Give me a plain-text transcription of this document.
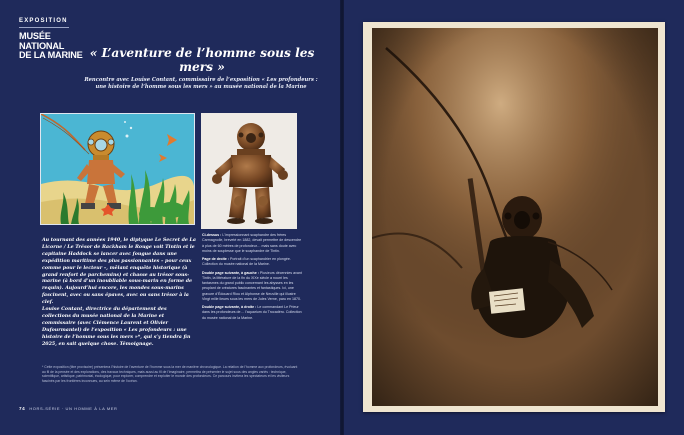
EXPOSITION
MUSÉE
NATIONAL
DE LA MARINE « L’aventure de l’homme sous les mers »
Rencontre avec Louise Contant, commissaire de l’exposition « Les profondeurs : une histoire de l’homme sous les mers » au musée national de la Marine

Au tournant des années 1940, le diptyque Le Secret de La Licorne / Le Trésor de Rackham le Rouge voit Tintin et le capitaine Haddock se lancer avec fougue dans une expédition maritime des plus passionnantes – pour ceux comme pour le lecteur –, mêlant enquête historique (à grand renfort de parchemins) et chasse au trésor sous-marine (à bord d’un inoubliable sous-marin en forme de requin). Aujourd’hui encore, les mondes sous-marins fascinent, avec ou sans épaves, avec ou sans trésor à la clef.

Louise Contant, directrice du département des collections du musée national de la Marine et commissaire (avec Clémence Laurent et Olivier Dufourmantel) de l’exposition « Les profondeurs : une histoire de l’homme sous les mers »*, qui s’y tiendra fin 2025, en sait quelque chose. Témoignage.

Ci-dessus : L’impressionnant scaphandre des frères Carmagnolle, breveté en 1882, devait permettre de descendre à plus de 60 mètres de profondeur… mais sans doute avec moins de souplesse que le scaphandre de Tintin.

Page de droite : Portrait d’un scaphandrier en plongée. Collection du musée national de la Marine.

Double page suivante, à gauche : Plusieurs décennies avant Tintin, la littérature de la fin du XIXe siècle a nourri les fantasmes du grand public concernant les abysses en les peuplant de créatures fascinantes et fantastiques. Ici, une gravure d’Édouard Riou et Alphonse de Neuville qui illustre Vingt mille lieues sous les mers de Jules Verne, paru en 1870.

Double page suivante, à droite : Le commandant Le Prieur dans les profondeurs de… l’aquarium du Trocadéro. Collection du musée national de la Marine.

* Cette exposition (titre provisoire) présentera l’histoire de l’aventure de l’homme sous la mer de manière chronologique. La relation de l’homme aux profondeurs, évoluant au fil de la pensée et des explorations, des travaux techniques, mais aussi au fil de l’imaginaire, permettra de présenter le sujet sous des angles variés : technique, scientifique, artistique, patrimonial, écologique, pour explorer, comprendre et exploiter le monde des profondeurs. Ce parcours invitera les spectateurs et les visiteurs fascinés par les frontières inconnues, au sein même de l’océan.
74 HORS-SÉRIE · UN HOMME À LA MER
